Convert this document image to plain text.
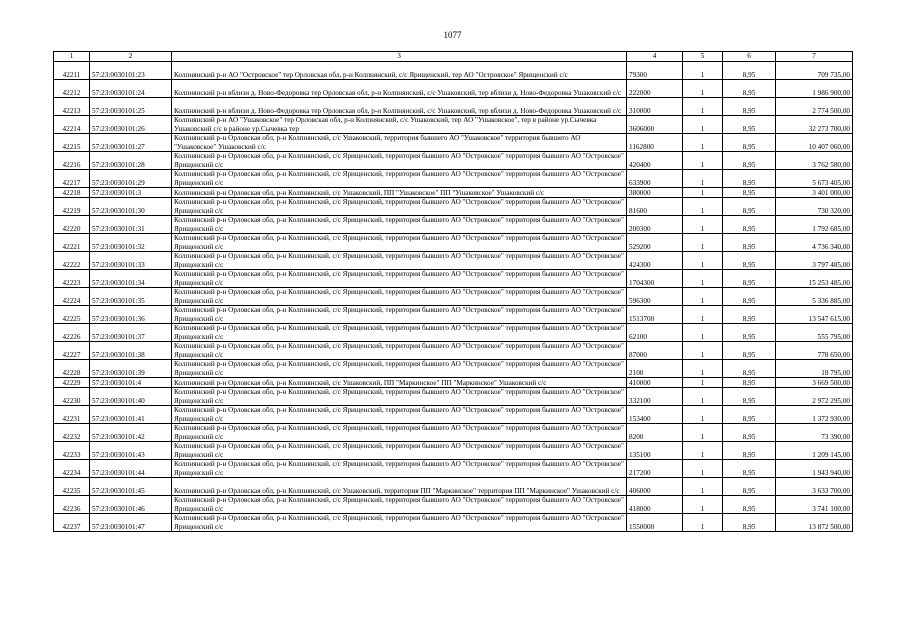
1077
1	2	3	4	5	6	7
42211	57:23:0030101:23	Колпнянский р-н АО "Островское" тер Орловская обл, р-н Колпнянский, с/с Ярищенский, тер АО "Островское" Ярищенский с/с	79300	1	8,95	709 735,00
42212	57:23:0030101:24	Колпнянский р-н вблизи д. Ново-Федоровка тер Орловская обл, р-н Колпнянский, с/с Ушаковский, тер вблизи д. Ново-Федоровка Ушаковский с/с	222000	1	8,95	1 986 900,00
42213	57:23:0030101:25	Колпнянский р-н вблизи д. Ново-Федоровка тер Орловская обл, р-н Колпнянский, с/с Ушаковский, тер вблизи д. Ново-Федоровка Ушаковский с/с	310000	1	8,95	2 774 500,00
42214	57:23:0030101:26	Колпнянский р-н АО "Ушаковское" тер Орловская обл, р-н Колпнянский, с/с Ушаковский, тер АО "Ушаковское", тер в районе ур.Сычевка Ушаковский с/с в районе ур.Сычевка тер	3606000	1	8,95	32 273 700,00
42215	57:23:0030101:27	Колпнянский р-н Орловская обл, р-н Колпнянский, с/с Ушаковский, территория бывшего АО "Ушаковское" территория бывшего АО "Ушаковское" Ушаковский с/с	1162800	1	8,95	10 407 060,00
42216	57:23:0030101:28	Колпнянский р-н Орловская обл, р-н Колпнянский, с/с Ярищенский, территория бывшего АО "Островское" территория бывшего АО "Островское" Ярищенский с/с	420400	1	8,95	3 762 580,00
42217	57:23:0030101:29	Колпнянский р-н Орловская обл, р-н Колпнянский, с/с Ярищенский, территория бывшего АО "Островское" территория бывшего АО "Островское" Ярищенский с/с	633900	1	8,95	5 673 405,00
42218	57:23:0030101:3	Колпнянский р-н Орловская обл, р-н Колпнянский, с/с Ушаковский, ПП "Ушаковское" ПП "Ушаковское" Ушаковский с/с	380000	1	8,95	3 401 000,00
42219	57:23:0030101:30	Колпнянский р-н Орловская обл, р-н Колпнянский, с/с Ярищенский, территория бывшего АО "Островское" территория бывшего АО "Островское" Ярищенский с/с	81600	1	8,95	730 320,00
42220	57:23:0030101:31	Колпнянский р-н Орловская обл, р-н Колпнянский, с/с Ярищенский, территория бывшего АО "Островское" территория бывшего АО "Островское" Ярищенский с/с	200300	1	8,95	1 792 685,00
42221	57:23:0030101:32	Колпнянский р-н Орловская обл, р-н Колпнянский, с/с Ярищенский, территория бывшего АО "Островское" территория бывшего АО "Островское" Ярищенский с/с	529200	1	8,95	4 736 340,00
42222	57:23:0030101:33	Колпнянский р-н Орловская обл, р-н Колпнянский, с/с Ярищенский, территория бывшего АО "Островское" территория бывшего АО "Островское" Ярищенский с/с	424300	1	8,95	3 797 485,00
42223	57:23:0030101:34	Колпнянский р-н Орловская обл, р-н Колпнянский, с/с Ярищенский, территория бывшего АО "Островское" территория бывшего АО "Островское" Ярищенский с/с	1704300	1	8,95	15 253 485,00
42224	57:23:0030101:35	Колпнянский р-н Орловская обл, р-н Колпнянский, с/с Ярищенский, территория бывшего АО "Островское" территория бывшего АО "Островское" Ярищенский с/с	596300	1	8,95	5 336 885,00
42225	57:23:0030101:36	Колпнянский р-н Орловская обл, р-н Колпнянский, с/с Ярищенский, территория бывшего АО "Островское" территория бывшего АО "Островское" Ярищенский с/с	1513700	1	8,95	13 547 615,00
42226	57:23:0030101:37	Колпнянский р-н Орловская обл, р-н Колпнянский, с/с Ярищенский, территория бывшего АО "Островское" территория бывшего АО "Островское" Ярищенский с/с	62100	1	8,95	555 795,00
42227	57:23:0030101:38	Колпнянский р-н Орловская обл, р-н Колпнянский, с/с Ярищенский, территория бывшего АО "Островское" территория бывшего АО "Островское" Ярищенский с/с	87000	1	8,95	778 650,00
42228	57:23:0030101:39	Колпнянский р-н Орловская обл, р-н Колпнянский, с/с Ярищенский, территория бывшего АО "Островское" территория бывшего АО "Островское" Ярищенский с/с	2100	1	8,95	18 795,00
42229	57:23:0030101:4	Колпнянский р-н Орловская обл, р-н Колпнянский, с/с Ушаковский, ПП "Маркинское" ПП "Маркинское" Ушаковский с/с	410000	1	8,95	3 669 500,00
42230	57:23:0030101:40	Колпнянский р-н Орловская обл, р-н Колпнянский, с/с Ярищенский, территория бывшего АО "Островское" территория бывшего АО "Островское" Ярищенский с/с	332100	1	8,95	2 972 295,00
42231	57:23:0030101:41	Колпнянский р-н Орловская обл, р-н Колпнянский, с/с Ярищенский, территория бывшего АО "Островское" территория бывшего АО "Островское" Ярищенский с/с	153400	1	8,95	1 372 930,00
42232	57:23:0030101:42	Колпнянский р-н Орловская обл, р-н Колпнянский, с/с Ярищенский, территория бывшего АО "Островское" территория бывшего АО "Островское" Ярищенский с/с	8200	1	8,95	73 390,00
42233	57:23:0030101:43	Колпнянский р-н Орловская обл, р-н Колпнянский, с/с Ярищенский, территория бывшего АО "Островское" территория бывшего АО "Островское" Ярищенский с/с	135100	1	8,95	1 209 145,00
42234	57:23:0030101:44	Колпнянский р-н Орловская обл, р-н Колпнянский, с/с Ярищенский, территория бывшего АО "Островское" территория бывшего АО "Островское" Ярищенский с/с	217200	1	8,95	1 943 940,00
42235	57:23:0030101:45	Колпнянский р-н Орловская обл, р-н Колпнянский, с/с Ушаковский, территория ПП "Маркинское" территория ПП "Маркинское" Ушаковский с/с	406000	1	8,95	3 633 700,00
42236	57:23:0030101:46	Колпнянский р-н Орловская обл, р-н Колпнянский, с/с Ярищенский, территория бывшего АО "Островское" территория бывшего АО "Островское" Ярищенский с/с	418000	1	8,95	3 741 100,00
42237	57:23:0030101:47	Колпнянский р-н Орловская обл, р-н Колпнянский, с/с Ярищенский, территория бывшего АО "Островское" территория бывшего АО "Островское" Ярищенский с/с	1550000	1	8,95	13 872 500,00
